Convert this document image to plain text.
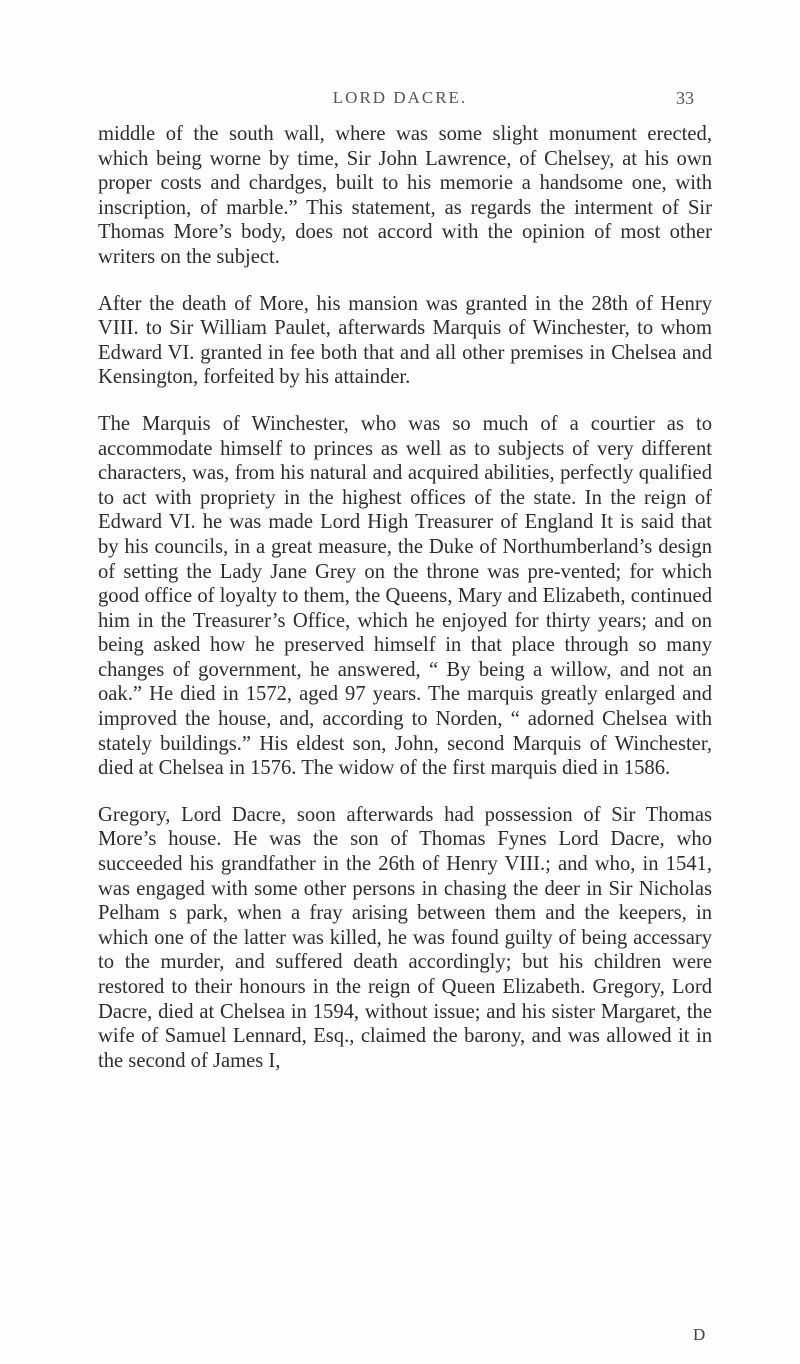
LORD DACRE.	33

middle of the south wall, where was some slight monument erected, which being worne by time, Sir John Lawrence, of Chelsey, at his own proper costs and chardges, built to his memorie a handsome one, with inscription, of marble.” This statement, as regards the interment of Sir Thomas More’s body, does not accord with the opinion of most other writers on the subject.

After the death of More, his mansion was granted in the 28th of Henry VIII. to Sir William Paulet, afterwards Marquis of Winchester, to whom Edward VI. granted in fee both that and all other premises in Chelsea and Kensington, forfeited by his attainder.

The Marquis of Winchester, who was so much of a courtier as to accommodate himself to princes as well as to subjects of very different characters, was, from his natural and acquired abilities, perfectly qualified to act with propriety in the highest offices of the state. In the reign of Edward VI. he was made Lord High Treasurer of England It is said that by his councils, in a great measure, the Duke of Northumberland’s design of setting the Lady Jane Grey on the throne was pre-vented; for which good office of loyalty to them, the Queens, Mary and Elizabeth, continued him in the Treasurer’s Office, which he enjoyed for thirty years; and on being asked how he preserved himself in that place through so many changes of government, he answered, “ By being a willow, and not an oak.” He died in 1572, aged 97 years. The marquis greatly enlarged and improved the house, and, according to Norden, “ adorned Chelsea with stately buildings.” His eldest son, John, second Marquis of Winchester, died at Chelsea in 1576. The widow of the first marquis died in 1586.

Gregory, Lord Dacre, soon afterwards had possession of Sir Thomas More’s house. He was the son of Thomas Fynes Lord Dacre, who succeeded his grandfather in the 26th of Henry VIII.; and who, in 1541, was engaged with some other persons in chasing the deer in Sir Nicholas Pelham s park, when a fray arising between them and the keepers, in which one of the latter was killed, he was found guilty of being accessary to the murder, and suffered death accordingly; but his children were restored to their honours in the reign of Queen Elizabeth. Gregory, Lord Dacre, died at Chelsea in 1594, without issue; and his sister Margaret, the wife of Samuel Lennard, Esq., claimed the barony, and was allowed it in the second of James I,

D
